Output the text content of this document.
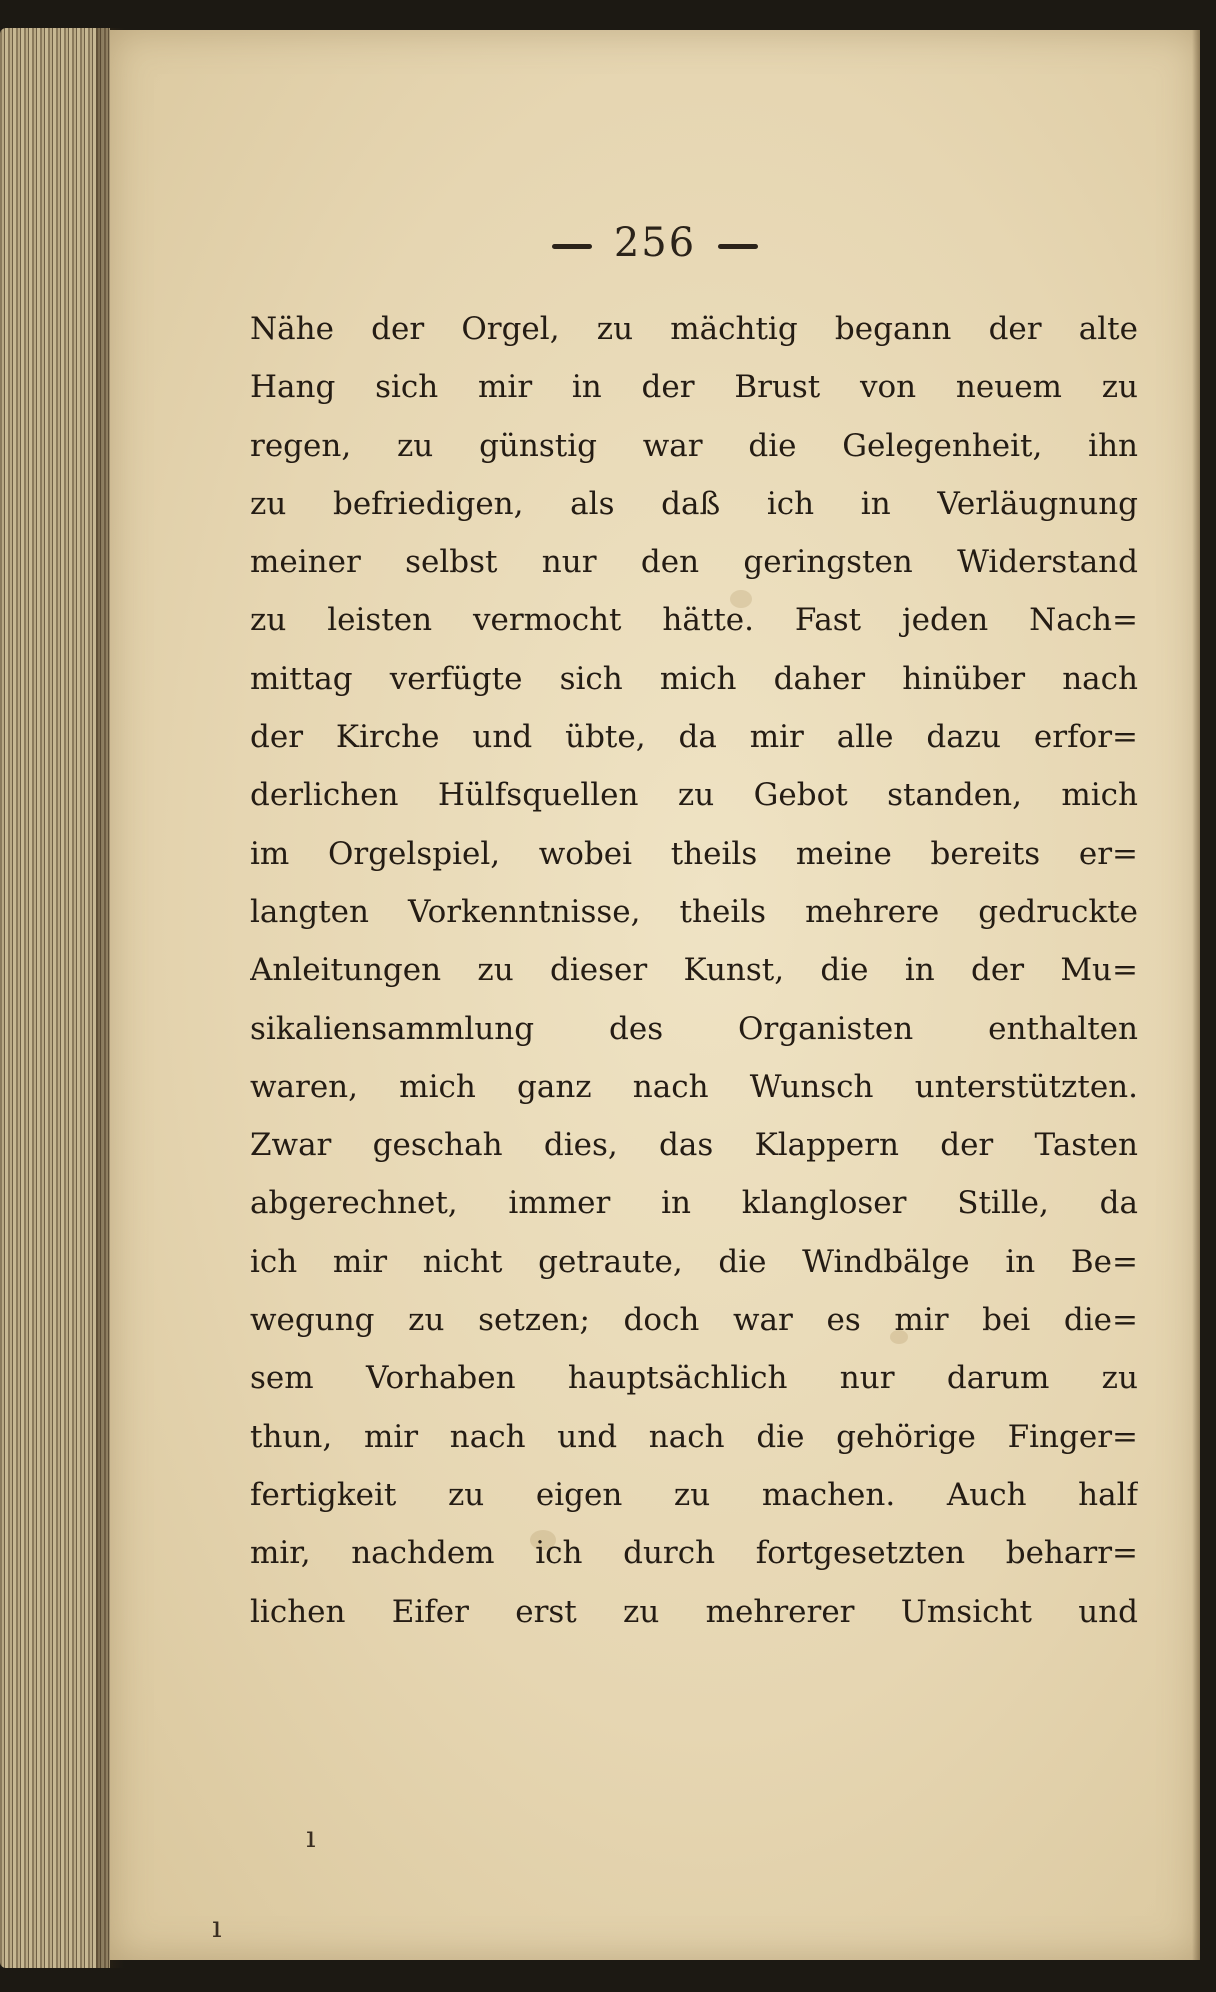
256
ı
ı
Nähe der Orgel, zu mächtig begann der alte
Hang sich mir in der Brust von neuem zu
regen, zu günstig war die Gelegenheit, ihn
zu befriedigen, als daß ich in Verläugnung
meiner selbst nur den geringsten Widerstand
zu leisten vermocht hätte. Fast jeden Nach=
mittag verfügte sich mich daher hinüber nach
der Kirche und übte, da mir alle dazu erfor=
derlichen Hülfsquellen zu Gebot standen, mich
im Orgelspiel, wobei theils meine bereits er=
langten Vorkenntnisse, theils mehrere gedruckte
Anleitungen zu dieser Kunst, die in der Mu=
sikaliensammlung des Organisten enthalten
waren, mich ganz nach Wunsch unterstützten.
Zwar geschah dies, das Klappern der Tasten
abgerechnet, immer in klangloser Stille, da
ich mir nicht getraute, die Windbälge in Be=
wegung zu setzen; doch war es mir bei die=
sem Vorhaben hauptsächlich nur darum zu
thun, mir nach und nach die gehörige Finger=
fertigkeit zu eigen zu machen. Auch half
mir, nachdem ich durch fortgesetzten beharr=
lichen Eifer erst zu mehrerer Umsicht und
